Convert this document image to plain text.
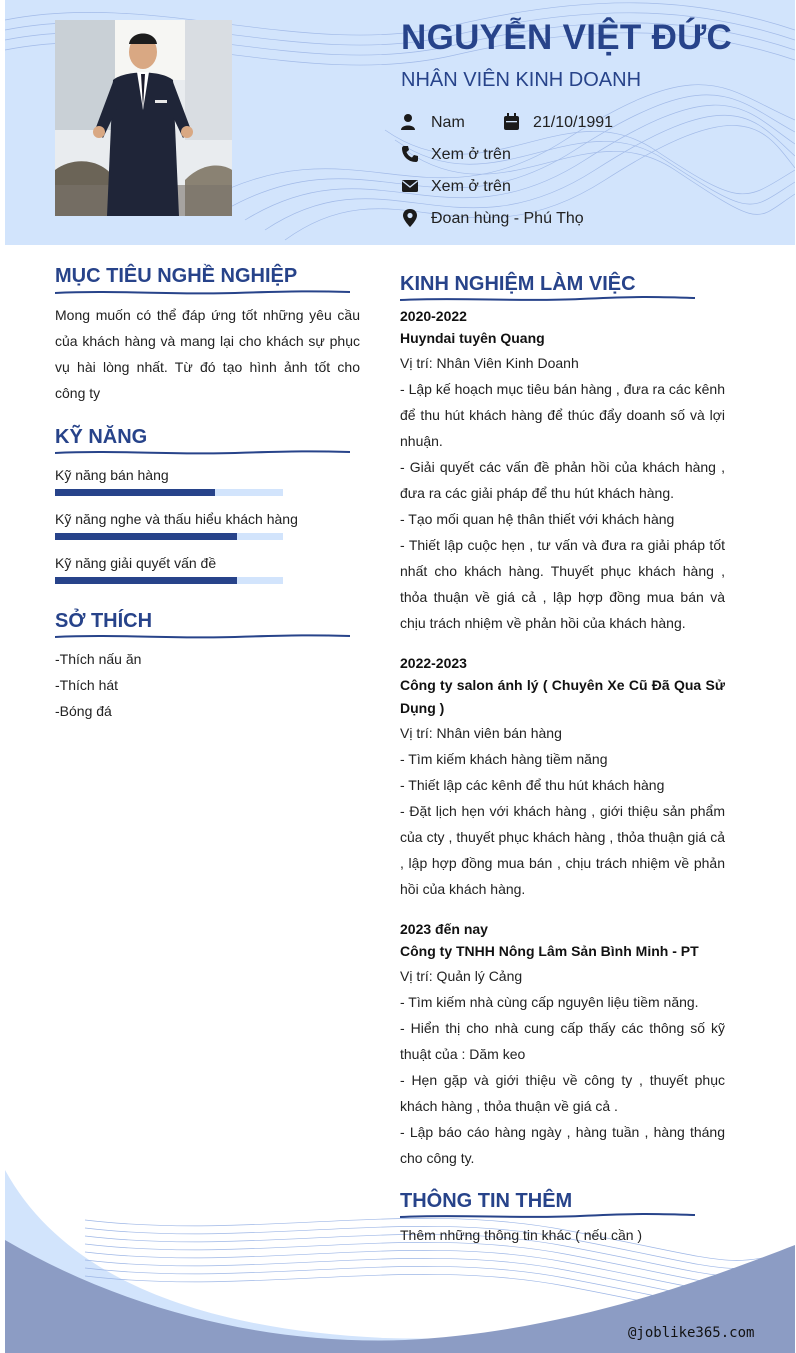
NGUYỄN VIỆT ĐỨC
NHÂN VIÊN KINH DOANH
Nam	21/10/1991
Xem ở trên
Xem ở trên
Đoan hùng - Phú Thọ
MỤC TIÊU NGHỀ NGHIỆP
Mong muốn có thể đáp ứng tốt những yêu cầu của khách hàng và mang lại cho khách sự phục vụ hài lòng nhất. Từ đó tạo hình ảnh tốt cho công ty
KỸ NĂNG
Kỹ năng bán hàng
Kỹ năng nghe và thấu hiểu khách hàng
Kỹ năng giải quyết vấn đề
SỞ THÍCH
-Thích nấu ăn
-Thích hát
-Bóng đá
KINH NGHIỆM LÀM VIỆC
2020-2022
Huyndai tuyên Quang
Vị trí: Nhân Viên Kinh Doanh
- Lập kế hoạch mục tiêu bán hàng , đưa ra các kênh để thu hút khách hàng để thúc đẩy doanh số và lợi nhuận.
- Giải quyết các vấn đề phản hồi của khách hàng , đưa ra các giải pháp để thu hút khách hàng.
- Tạo mối quan hệ thân thiết với khách hàng
- Thiết lập cuộc hẹn , tư vấn và đưa ra giải pháp tốt nhất cho khách hàng. Thuyết phục khách hàng , thỏa thuận về giá cả , lập hợp đồng mua bán và chịu trách nhiệm về phản hồi của khách hàng.
2022-2023
Công ty salon ánh lý ( Chuyên Xe Cũ Đã Qua Sử Dụng )
Vị trí: Nhân viên bán hàng
- Tìm kiếm khách hàng tiềm năng
- Thiết lập các kênh để thu hút khách hàng
- Đặt lịch hẹn với khách hàng , giới thiệu sản phẩm của cty , thuyết phục khách hàng , thỏa thuận giá cả , lập hợp đồng mua bán , chịu trách nhiệm về phản hồi của khách hàng.
2023 đến nay
Công ty TNHH Nông Lâm Sản Bình Minh - PT
Vị trí: Quản lý Cảng
- Tìm kiếm nhà cùng cấp nguyên liệu tiềm năng.
- Hiển thị cho nhà cung cấp thấy các thông số kỹ thuật của : Dăm keo
- Hẹn gặp và giới thiệu về công ty , thuyết phục khách hàng , thỏa thuận về giá cả .
- Lập báo cáo hàng ngày , hàng tuần , hàng tháng cho công ty.
THÔNG TIN THÊM
Thêm những thông tin khác ( nếu cần )
@joblike365.com
